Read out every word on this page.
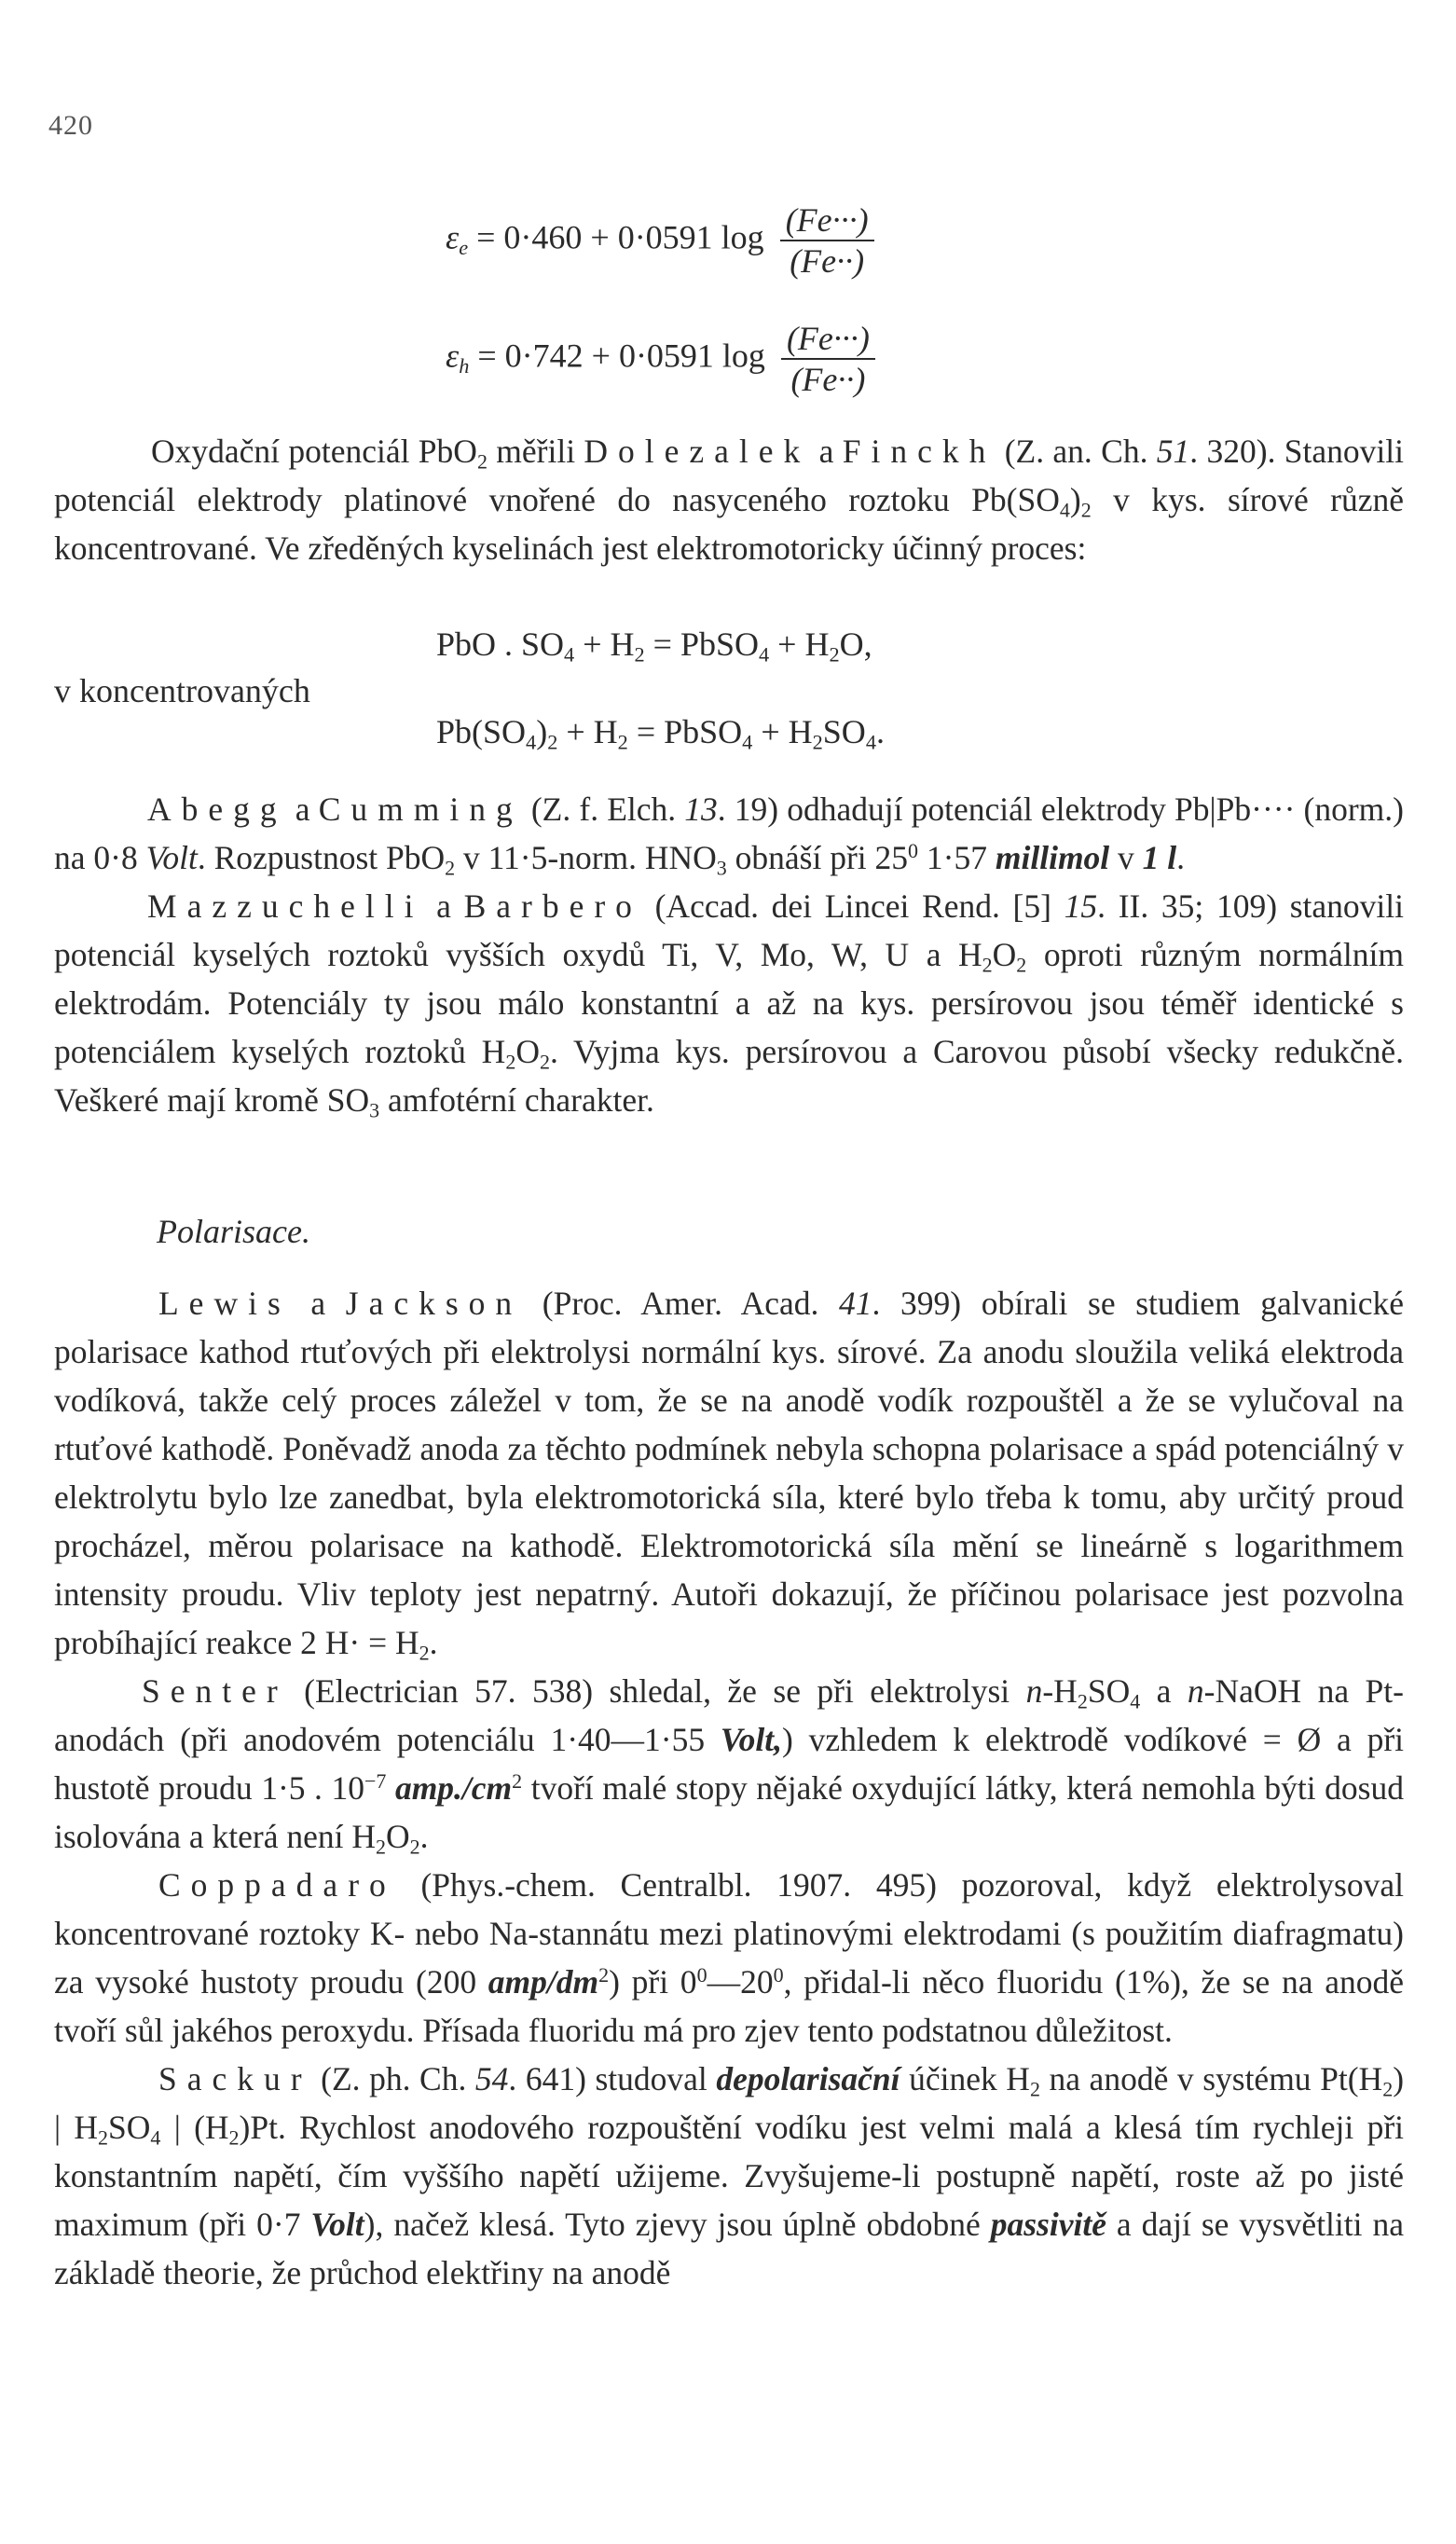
420
$\varepsilon_e = 0\cdot 460 + 0\cdot 0591$ $\log \frac{(Fe\cdot\cdot\cdot)}{(Fe\cdot\cdot)}$
$\varepsilon_h = 0\cdot 742 + 0\cdot 0591$ $\log \frac{(Fe\cdot\cdot\cdot)}{(Fe\cdot\cdot)}$

Oxydační potenciál PbO$_2$ měřili Dolezalek a Finckh (Z. an. Ch. 51. 320). Stanovili potenciál elektrody platinové vnořené do nasyceného roztoku $Pb(SO_4)_2$ v kys. sírové různě koncentrované. Ve zředěných kyselinách jest elektromotoricky účinný proces:

PbO . $SO_4 + H_2$ = PbSO$_4$ + $H_2O$,
v koncentrovaných
$Pb(SO_4)_2 + H_2$ = PbSO$_4$ + $H_2SO_4$.

Abegg a Cumming (Z. f. Elch. 13. 19) odhadují potenciál elektrody Pb|Pb···· (norm.) na 0·8 Volt. Rozpustnost PbO$_2$ v 11·5-norm. $HNO_3$ obnáší při $25^0$ 1·57 millimol v 1 l.

Mazzuchelli a Barbero (Accad. dei Lincei Rend. [5] 15. II. 35; 109) stanovili potenciál kyselých roztoků vyšších oxydů Ti, V, Mo, W, U a $H_2O_2$ oproti různým normálním elektrodám. Potenciály ty jsou málo konstantní a až na kys. persírovou jsou téměř identické s potenciálem kyselých roztoků $H_2O_2$. Vyjma kys. persírovou a Carovou působí všecky redukčně. Veškeré mají kromě $SO_3$ amfotérní charakter.

Polarisace.

Lewis a Jackson (Proc. Amer. Acad. 41. 399) obírali se studiem galvanické polarisace kathod rtuťových při elektrolysi normální kys. sírové. Za anodu sloužila veliká elektroda vodíková, takže celý proces záležel v tom, že se na anodě vodík rozpouštěl a že se vylučoval na rtuťové kathodě. Poněvadž anoda za těchto podmínek nebyla schopna polarisace a spád potenciálný v elektrolytu bylo lze zanedbat, byla elektromotorická síla, které bylo třeba k tomu, aby určitý proud procházel, měrou polarisace na kathodě. Elektromotorická síla mění se lineárně s logarithmem intensity proudu. Vliv teploty jest nepatrný. Autoři dokazují, že příčinou polarisace jest pozvolna probíhající reakce 2 $H\cdot = H_2$.

Senter (Electrician 57. 538) shledal, že se při elektrolysi $n-H_2SO_4$ a n-NaOH na Pt-anodách (při anodovém potenciálu 1·40—1·55 Volt,) vzhledem k elektrodě vodíkové = Ø a při hustotě proudu 1·5 . $10^{-7}$ $amp./cm^2$ tvoří malé stopy nějaké oxydující látky, která nemohla býti dosud isolována a která není $H_2O_2$.

Coppadaro (Phys.-chem. Centralbl. 1907. 495) pozoroval, když elektrolysoval koncentrované roztoky K- nebo Na-stannátu mezi platinovými elektrodami (s použitím diafragmatu) za vysoké hustoty proudu (200 amp/$dm^2$) při $0^0—20^0$, přidal-li něco fluoridu (1%), že se na anodě tvoří sůl jakéhos peroxydu. Přísada fluoridu má pro zjev tento podstatnou důležitost.

Sackur (Z. ph. Ch. 54. 641) studoval depolarisační účinek $H_2$ na anodě v systému $Pt(H_2)$ | $H_2SO_4$ | $(H_2)Pt$. Rychlost anodového rozpouštění vodíku jest velmi malá a klesá tím rychleji při konstantním napětí, čím vyššího napětí užijeme. Zvyšujeme-li postupně napětí, roste až po jisté maximum (při 0·7 Volt), načež klesá. Tyto zjevy jsou úplně obdobné passivitě a dají se vysvětliti na základě theorie, že průchod elektřiny na anodě
